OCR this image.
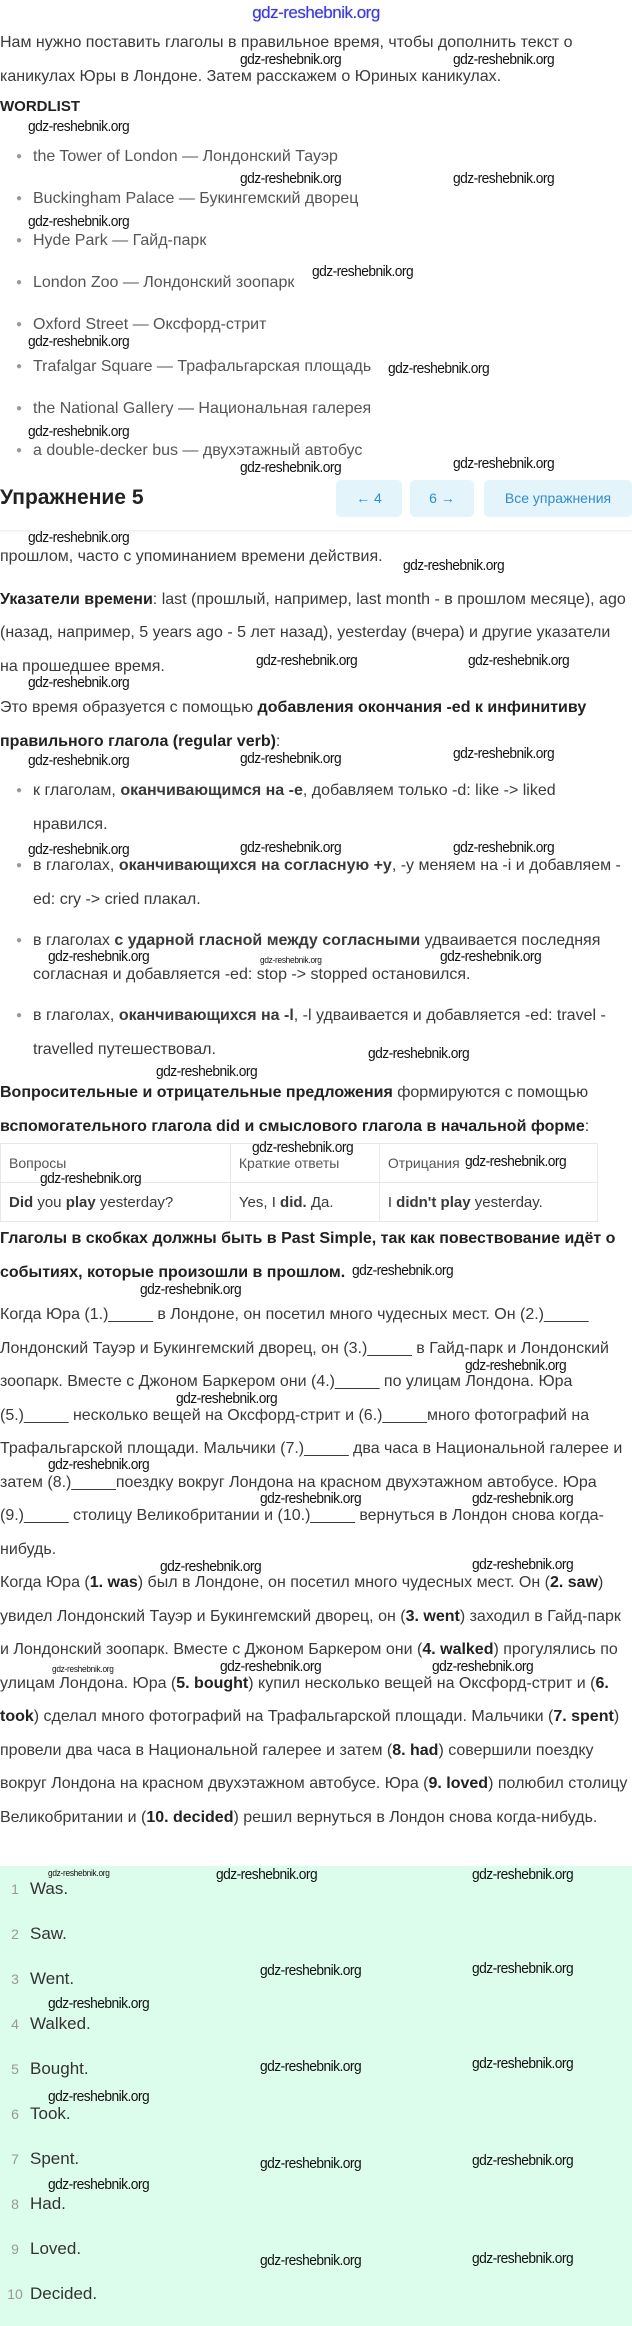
gdz-reshebnik.org

Нам нужно поставить глаголы в правильное время, чтобы дополнить текст о каникулах Юры в Лондоне. Затем расскажем о Юриных каникулах.

WORDLIST
● the Tower of London — Лондонский Тауэр
● Buckingham Palace — Букингемский дворец
● Hyde Park — Гайд-парк
● London Zoo — Лондонский зоопарк
● Oxford Street — Оксфорд-стрит
● Trafalgar Square — Трафальгарская площадь
● the National Gallery — Национальная галерея
● a double-decker bus — двухэтажный автобус
Упражнение 5	← 4	6 →	Все упражнения

прошлом, часто с упоминанием времени действия.

Указатели времени: last (прошлый, например, last month - в прошлом месяце), ago (назад, например, 5 years ago - 5 лет назад), yesterday (вчера) и другие указатели на прошедшее время.

Это время образуется с помощью добавления окончания -ed к инфинитиву правильного глагола (regular verb):

● к глаголам, оканчивающимся на -e, добавляем только -d: like -> liked нравился.
● в глаголах, оканчивающихся на согласную +y, -y меняем на -i и добавляем -ed: cry -> cried плакал.
● в глаголах с ударной гласной между согласными удваивается последняя согласная и добавляется -ed: stop -> stopped остановился.
● в глаголах, оканчивающихся на -l, -l удваивается и добавляется -ed: travel - travelled путешествовал.

Вопросительные и отрицательные предложения формируются с помощью вспомогательного глагола did и смыслового глагола в начальной форме:

Вопросы	Краткие ответы	Отрицания
Did you play yesterday?	Yes, I did. Да.	I didn't play yesterday.

Глаголы в скобках должны быть в Past Simple, так как повествование идёт о событиях, которые произошли в прошлом.

Когда Юра (1.)_____ в Лондоне, он посетил много чудесных мест. Он (2.)_____ Лондонский Тауэр и Букингемский дворец, он (3.)_____ в Гайд-парк и Лондонский зоопарк. Вместе с Джоном Баркером они (4.)_____ по улицам Лондона. Юра (5.)_____ несколько вещей на Оксфорд-стрит и (6.)_____много фотографий на Трафальгарской площади. Мальчики (7.)_____ два часа в Национальной галерее и затем (8.)_____поездку вокруг Лондона на красном двухэтажном автобусе. Юра (9.)_____ столицу Великобритании и (10.)_____ вернуться в Лондон снова когда-нибудь.

Когда Юра (1. was) был в Лондоне, он посетил много чудесных мест. Он (2. saw) увидел Лондонский Тауэр и Букингемский дворец, он (3. went) заходил в Гайд-парк и Лондонский зоопарк. Вместе с Джоном Баркером они (4. walked) прогулялись по улицам Лондона. Юра (5. bought) купил несколько вещей на Оксфорд-стрит и (6. took) сделал много фотографий на Трафальгарской площади. Мальчики (7. spent) провели два часа в Национальной галерее и затем (8. had) совершили поездку вокруг Лондона на красном двухэтажном автобусе. Юра (9. loved) полюбил столицу Великобритании и (10. decided) решил вернуться в Лондон снова когда-нибудь.

1 Was.
2 Saw.
3 Went.
4 Walked.
5 Bought.
6 Took.
7 Spent.
8 Had.
9 Loved.
10 Decided.
gdz-reshebnik.org	gdz-reshebnik.org
gdz-reshebnik.org
gdz-reshebnik.org	gdz-reshebnik.org
gdz-reshebnik.org
gdz-reshebnik.org
gdz-reshebnik.org
gdz-reshebnik.org
gdz-reshebnik.org
gdz-reshebnik.org	gdz-reshebnik.org
gdz-reshebnik.org
gdz-reshebnik.org
gdz-reshebnik.org
gdz-reshebnik.org	gdz-reshebnik.org
gdz-reshebnik.org	gdz-reshebnik.org	gdz-reshebnik.org
gdz-reshebnik.org	gdz-reshebnik.org	gdz-reshebnik.org
gdz-reshebnik.org	gdz-reshebnik.org	gdz-reshebnik.org
gdz-reshebnik.org
gdz-reshebnik.org
gdz-reshebnik.org
gdz-reshebnik.org
gdz-reshebnik.org
gdz-reshebnik.org
gdz-reshebnik.org
gdz-reshebnik.org
gdz-reshebnik.org
gdz-reshebnik.org
gdz-reshebnik.org	gdz-reshebnik.org
gdz-reshebnik.org	gdz-reshebnik.org
gdz-reshebnik.org	gdz-reshebnik.org	gdz-reshebnik.org
gdz-reshebnik.org	gdz-reshebnik.org	gdz-reshebnik.org
gdz-reshebnik.org	gdz-reshebnik.org
gdz-reshebnik.org
gdz-reshebnik.org	gdz-reshebnik.org
gdz-reshebnik.org
gdz-reshebnik.org	gdz-reshebnik.org
gdz-reshebnik.org
gdz-reshebnik.org	gdz-reshebnik.org
